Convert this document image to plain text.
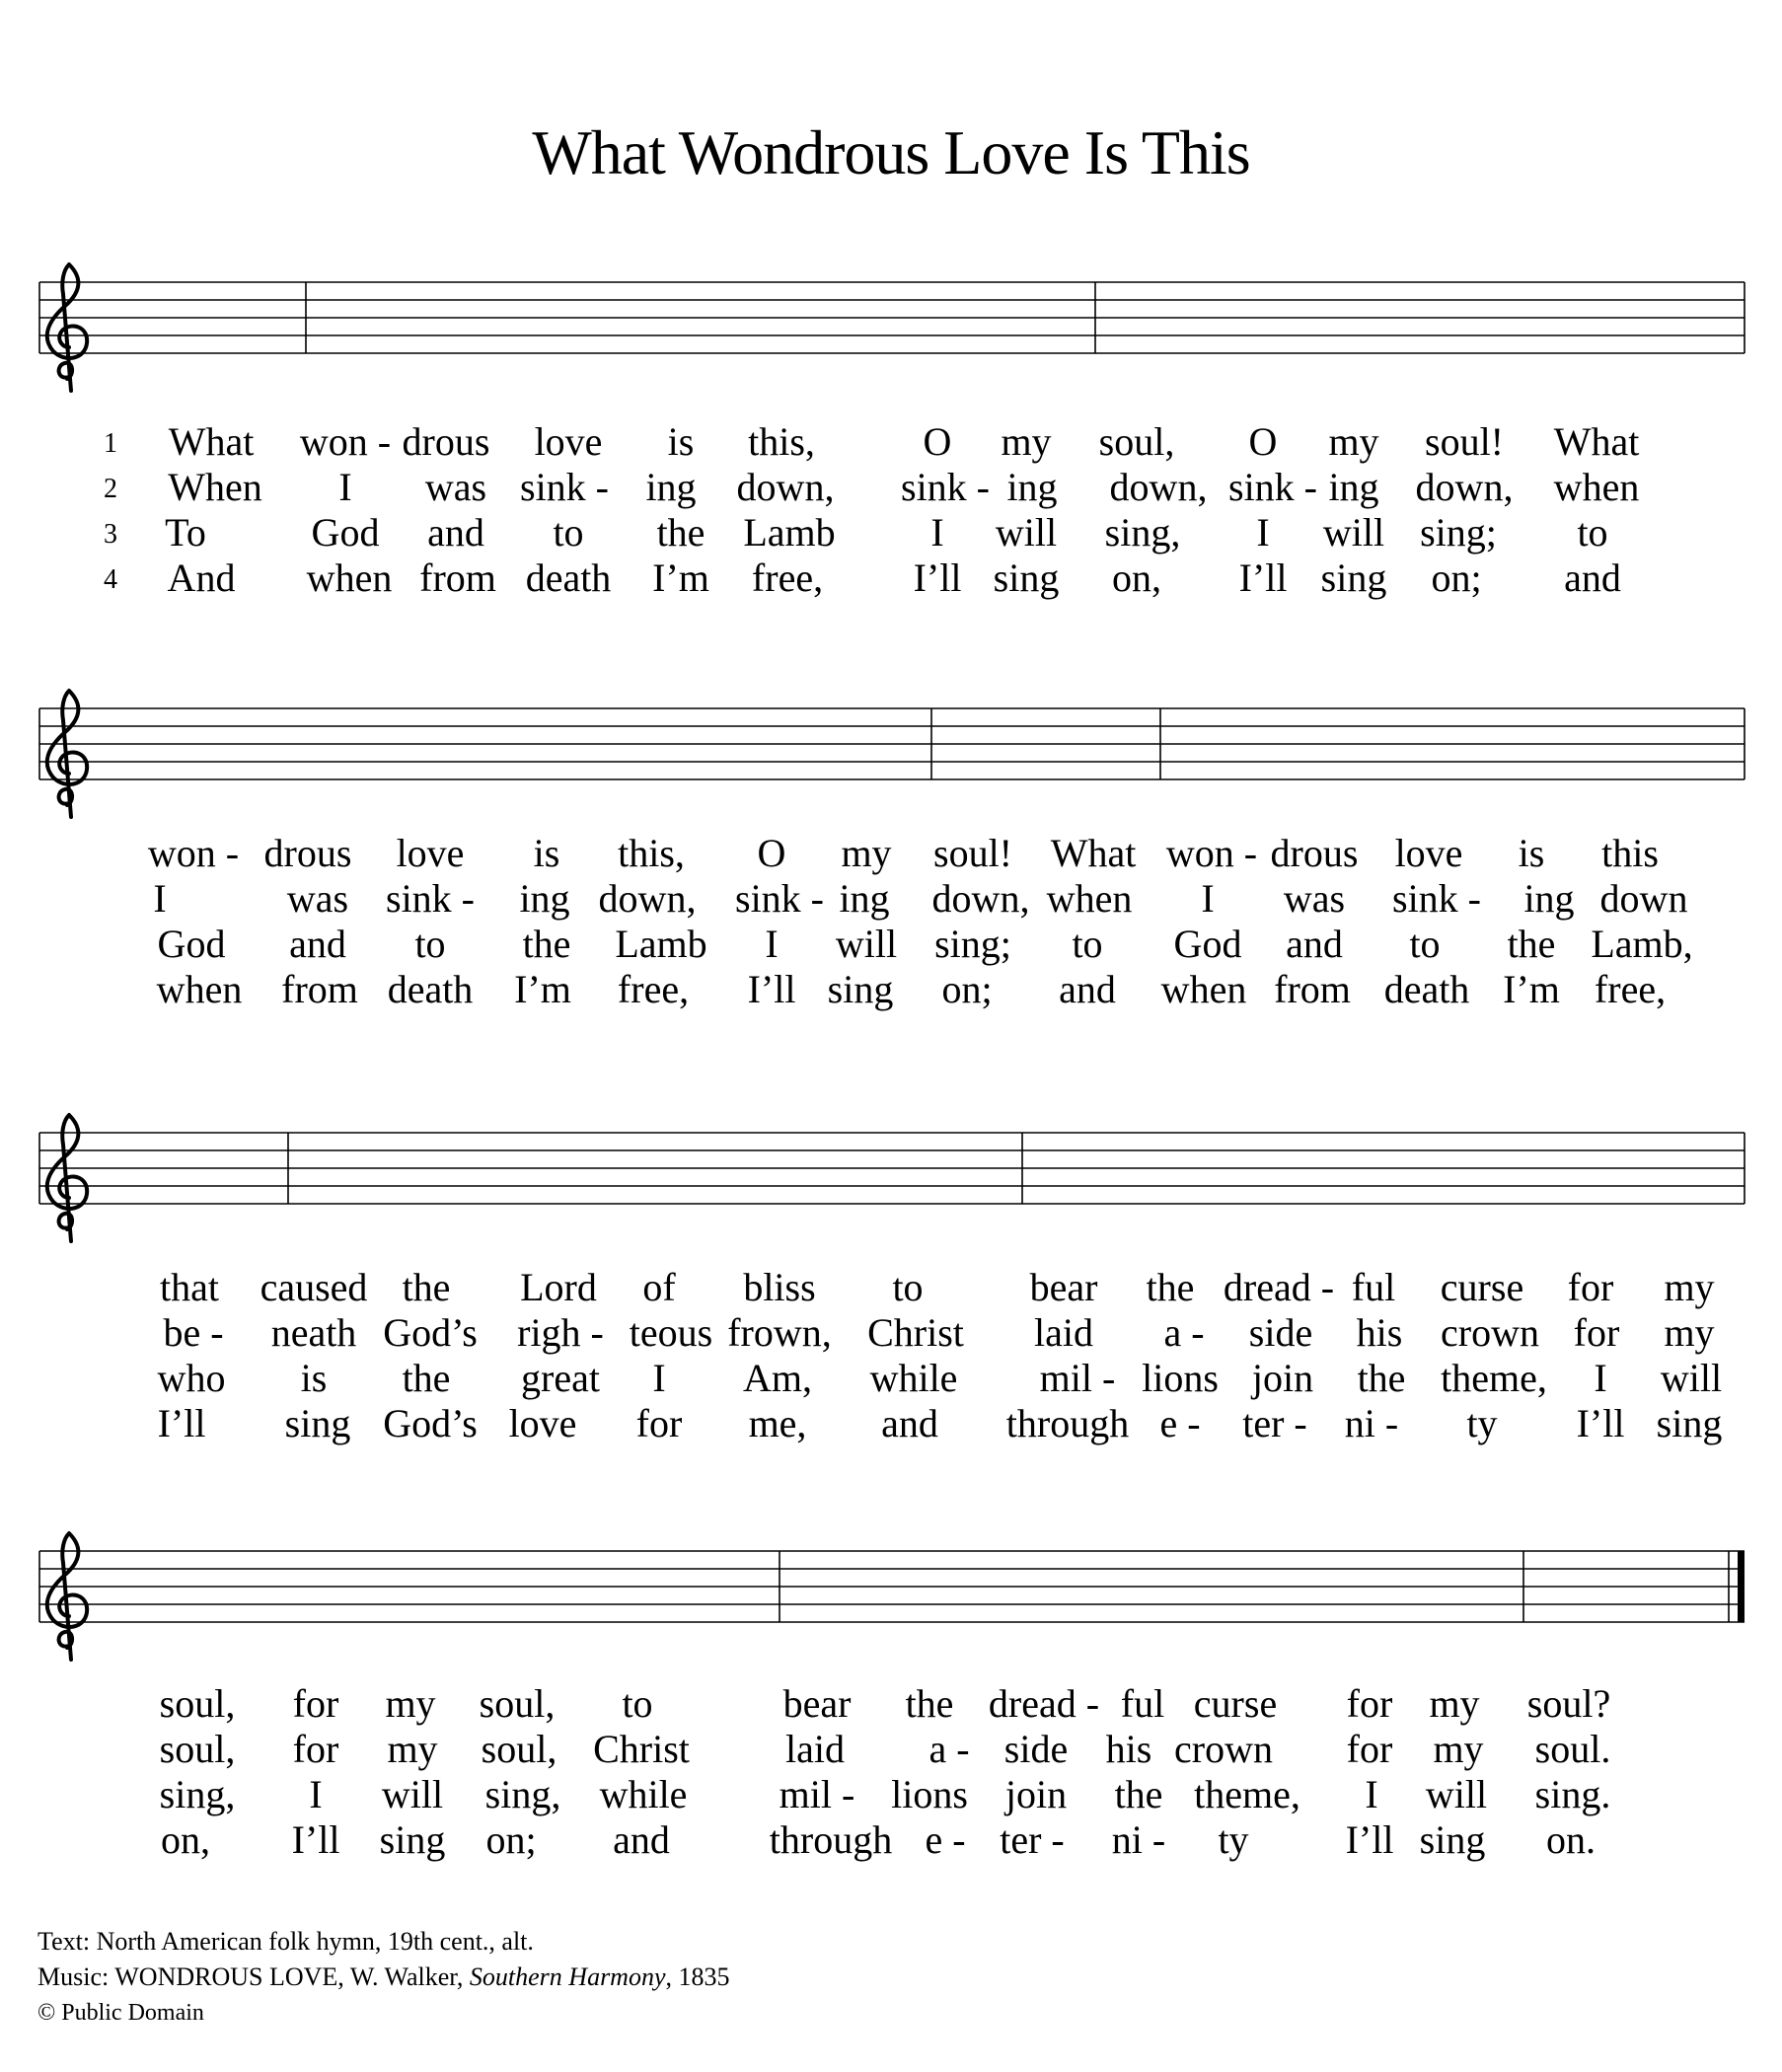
What Wondrous Love Is This
1 What won - drous love is this,	O my soul, O my soul! What
2 When I was sink - ing down, sink - ing down, sink - ing down, when
3 To	God and to the Lamb I will sing, I will sing; to
4 And when from death I’m free, I’ll sing on, I’ll sing on; and
won - drous love is this, O my soul! What won - drous love is this
I	was sink - ing down, sink - ing down, when I was sink - ing down
God and to the Lamb I will sing; to God and to the Lamb,
when from death I’m free, I’ll sing on; and when from death I’m free,
that caused the Lord of bliss to	bear the dread - ful curse for my
be - neath God’s righ - teous frown, Christ laid a - side his crown for my
who is the great I Am, while mil - lions join the theme, I will
I’ll sing God’s love for me, and through e - ter - ni - ty I’ll sing
soul, for my soul, to	bear the dread - ful curse for my soul?
soul, for my soul, Christ laid a - side his crown for my soul.
sing, I will sing, while mil - lions join the theme, I will sing.
on, I’ll sing on; and	through e - ter - ni - ty I’ll sing on.
Text: North American folk hymn, 19th cent., alt.
Music: WONDROUS LOVE, W. Walker, Southern Harmony, 1835
© Public Domain
